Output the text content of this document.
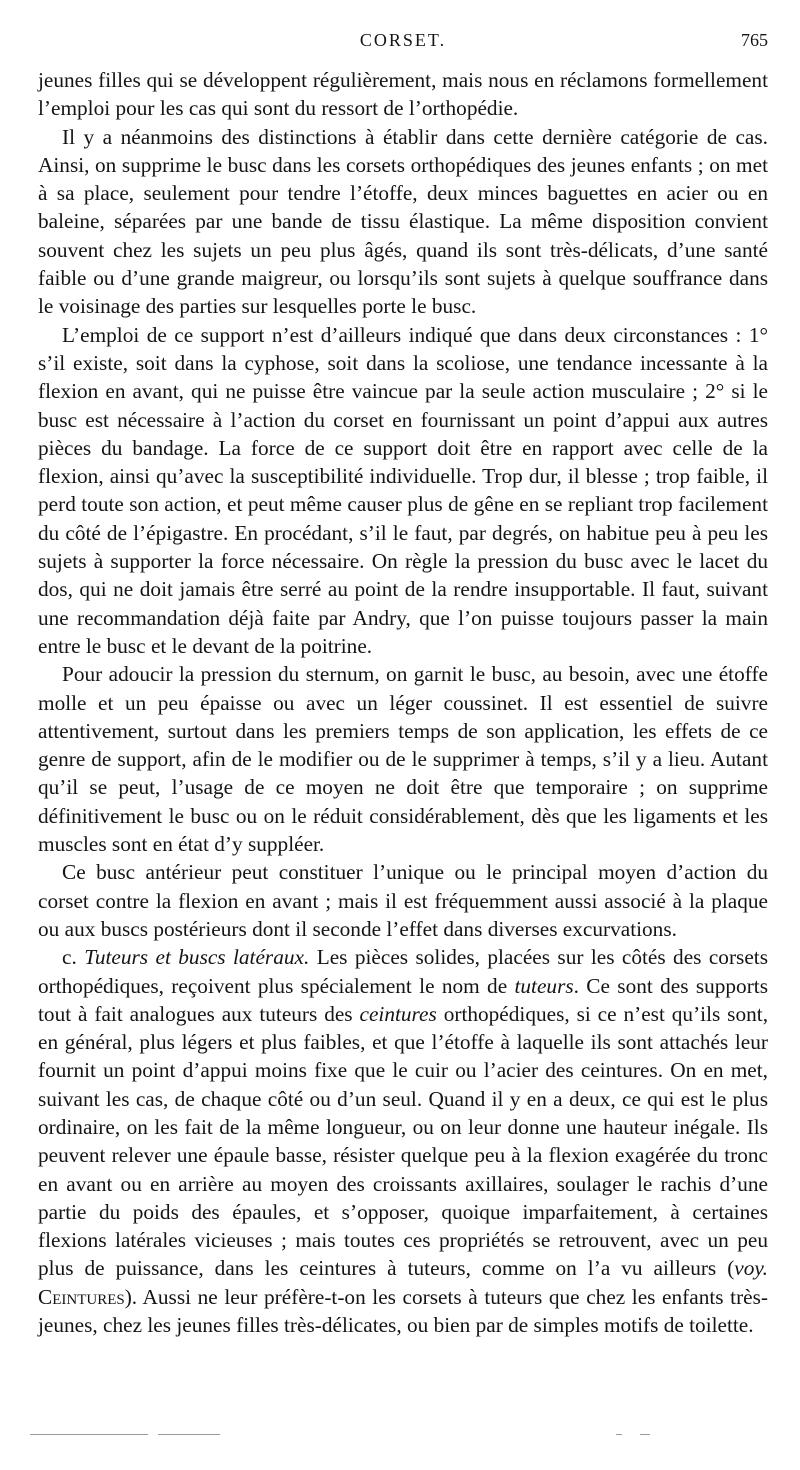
CORSET.	765

jeunes filles qui se développent régulièrement, mais nous en réclamons formellement l’emploi pour les cas qui sont du ressort de l’orthopédie.

Il y a néanmoins des distinctions à établir dans cette dernière catégorie de cas. Ainsi, on supprime le busc dans les corsets orthopédiques des jeunes enfants ; on met à sa place, seulement pour tendre l’étoffe, deux minces baguettes en acier ou en baleine, séparées par une bande de tissu élastique. La même disposition convient souvent chez les sujets un peu plus âgés, quand ils sont très-délicats, d’une santé faible ou d’une grande maigreur, ou lorsqu’ils sont sujets à quelque souffrance dans le voisinage des parties sur lesquelles porte le busc.

L’emploi de ce support n’est d’ailleurs indiqué que dans deux circonstances : 1° s’il existe, soit dans la cyphose, soit dans la scoliose, une tendance incessante à la flexion en avant, qui ne puisse être vaincue par la seule action musculaire ; 2° si le busc est nécessaire à l’action du corset en fournissant un point d’appui aux autres pièces du bandage. La force de ce support doit être en rapport avec celle de la flexion, ainsi qu’avec la susceptibilité individuelle. Trop dur, il blesse ; trop faible, il perd toute son action, et peut même causer plus de gêne en se repliant trop facilement du côté de l’épigastre. En procédant, s’il le faut, par degrés, on habitue peu à peu les sujets à supporter la force nécessaire. On règle la pression du busc avec le lacet du dos, qui ne doit jamais être serré au point de la rendre insupportable. Il faut, suivant une recommandation déjà faite par Andry, que l’on puisse toujours passer la main entre le busc et le devant de la poitrine.

Pour adoucir la pression du sternum, on garnit le busc, au besoin, avec une étoffe molle et un peu épaisse ou avec un léger coussinet. Il est essentiel de suivre attentivement, surtout dans les premiers temps de son application, les effets de ce genre de support, afin de le modifier ou de le supprimer à temps, s’il y a lieu. Autant qu’il se peut, l’usage de ce moyen ne doit être que temporaire ; on supprime définitivement le busc ou on le réduit considérablement, dès que les ligaments et les muscles sont en état d’y suppléer.

Ce busc antérieur peut constituer l’unique ou le principal moyen d’action du corset contre la flexion en avant ; mais il est fréquemment aussi associé à la plaque ou aux buscs postérieurs dont il seconde l’effet dans diverses excurvations.

c. Tuteurs et buscs latéraux. Les pièces solides, placées sur les côtés des corsets orthopédiques, reçoivent plus spécialement le nom de tuteurs. Ce sont des supports tout à fait analogues aux tuteurs des ceintures orthopédiques, si ce n’est qu’ils sont, en général, plus légers et plus faibles, et que l’étoffe à laquelle ils sont attachés leur fournit un point d’appui moins fixe que le cuir ou l’acier des ceintures. On en met, suivant les cas, de chaque côté ou d’un seul. Quand il y en a deux, ce qui est le plus ordinaire, on les fait de la même longueur, ou on leur donne une hauteur inégale. Ils peuvent relever une épaule basse, résister quelque peu à la flexion exagérée du tronc en avant ou en arrière au moyen des croissants axillaires, soulager le rachis d’une partie du poids des épaules, et s’opposer, quoique imparfaitement, à certaines flexions latérales vicieuses ; mais toutes ces propriétés se retrouvent, avec un peu plus de puissance, dans les ceintures à tuteurs, comme on l’a vu ailleurs (voy. Ceintures). Aussi ne leur préfère-t-on les corsets à tuteurs que chez les enfants très-jeunes, chez les jeunes filles très-délicates, ou bien par de simples motifs de toilette.
